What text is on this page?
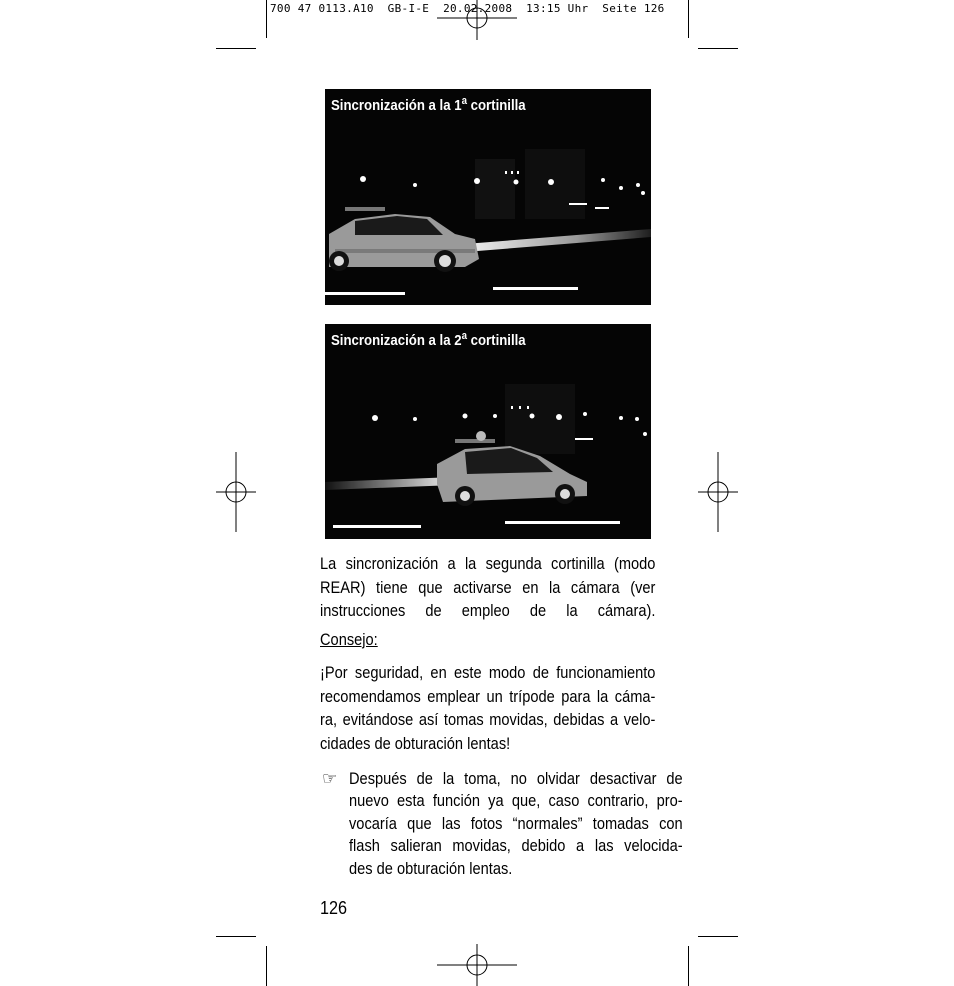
700 47 0113.A10  GB-I-E  20.02.2008  13:15 Uhr  Seite 126
Sincronización a la 1$^a$ cortinilla
Sincronización a la 2$^a$ cortinilla
La sincronización a la segunda cortinilla (modo
REAR) tiene que activarse en la cámara (ver
instrucciones de empleo de la cámara).
Consejo:
¡Por seguridad, en este modo de funcionamiento
recomendamos emplear un trípode para la cáma-
ra, evitándose así tomas movidas, debidas a velo-
cidades de obturación lentas!
☞ Después de la toma, no olvidar desactivar de
nuevo esta función ya que, caso contrario, pro-
vocaría que las fotos “normales” tomadas con
flash salieran movidas, debido a las velocida-
des de obturación lentas.
126
